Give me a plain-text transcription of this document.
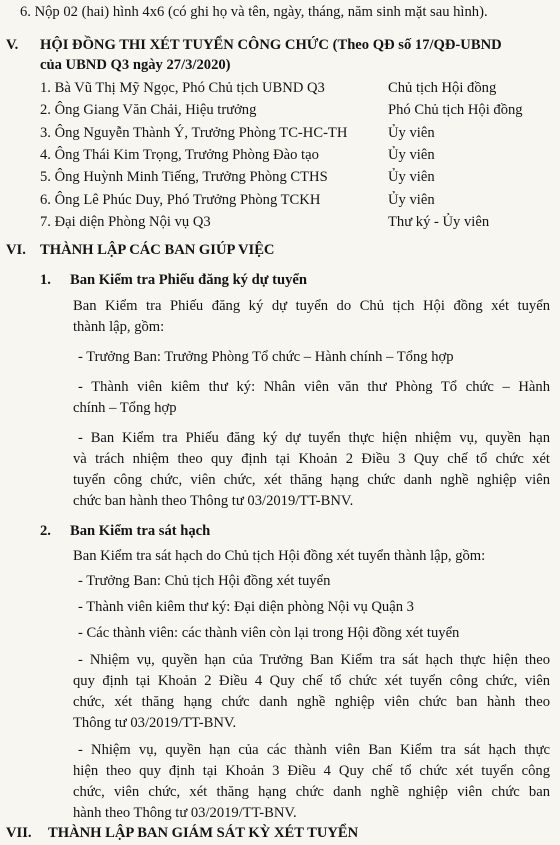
6. Nộp 02 (hai) hình 4x6 (có ghi họ và tên, ngày, tháng, năm sinh mặt sau hình).
V. HỘI ĐỒNG THI XÉT TUYỂN CÔNG CHỨC (Theo QĐ số 17/QĐ-UBND
của UBND Q3 ngày 27/3/2020)
1. Bà Vũ Thị Mỹ Ngọc, Phó Chủ tịch UBND Q3	Chủ tịch Hội đồng
2. Ông Giang Văn Chải, Hiệu trưởng	Phó Chủ tịch Hội đồng
3. Ông Nguyễn Thành Ý, Trưởng Phòng TC-HC-TH	Ủy viên
4. Ông Thái Kim Trọng, Trưởng Phòng Đào tạo	Ủy viên
5. Ông Huỳnh Minh Tiếng, Trưởng Phòng CTHS	Ủy viên
6. Ông Lê Phúc Duy, Phó Trưởng Phòng TCKH	Ủy viên
7. Đại diện Phòng Nội vụ Q3	Thư ký - Ủy viên
VI. THÀNH LẬP CÁC BAN GIÚP VIỆC
1. Ban Kiểm tra Phiếu đăng ký dự tuyển
Ban Kiểm tra Phiếu đăng ký dự tuyển do Chủ tịch Hội đồng xét tuyển
thành lập, gồm:
- Trưởng Ban: Trưởng Phòng Tổ chức – Hành chính – Tổng hợp
- Thành viên kiêm thư ký: Nhân viên văn thư Phòng Tổ chức – Hành
chính – Tổng hợp
- Ban Kiểm tra Phiếu đăng ký dự tuyển thực hiện nhiệm vụ, quyền hạn
và trách nhiệm theo quy định tại Khoản 2 Điều 3 Quy chế tổ chức xét
tuyển công chức, viên chức, xét thăng hạng chức danh nghề nghiệp viên
chức ban hành theo Thông tư 03/2019/TT-BNV.
2. Ban Kiểm tra sát hạch
Ban Kiểm tra sát hạch do Chủ tịch Hội đồng xét tuyển thành lập, gồm:
- Trưởng Ban: Chủ tịch Hội đồng xét tuyển
- Thành viên kiêm thư ký: Đại diện phòng Nội vụ Quận 3
- Các thành viên: các thành viên còn lại trong Hội đồng xét tuyển
- Nhiệm vụ, quyền hạn của Trưởng Ban Kiểm tra sát hạch thực hiện theo
quy định tại Khoản 2 Điều 4 Quy chế tổ chức xét tuyển công chức, viên
chức, xét thăng hạng chức danh nghề nghiệp viên chức ban hành theo
Thông tư 03/2019/TT-BNV.
- Nhiệm vụ, quyền hạn của các thành viên Ban Kiểm tra sát hạch thực
hiện theo quy định tại Khoản 3 Điều 4 Quy chế tổ chức xét tuyển công
chức, viên chức, xét thăng hạng chức danh nghề nghiệp viên chức ban
hành theo Thông tư 03/2019/TT-BNV.
VII. THÀNH LẬP BAN GIÁM SÁT KỲ XÉT TUYỂN
